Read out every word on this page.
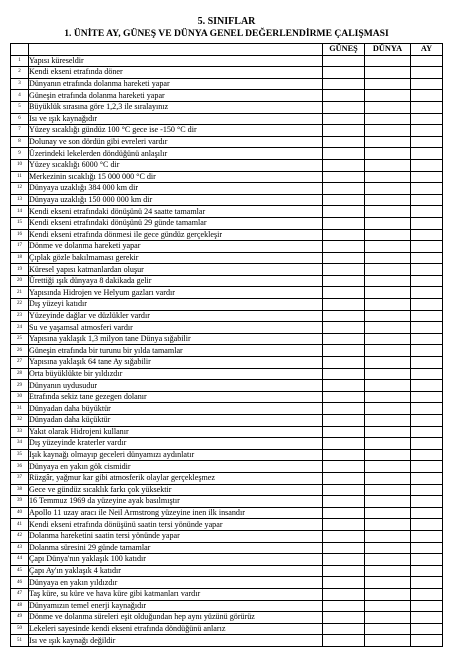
5. SINIFLAR
1. ÜNİTE AY, GÜNEŞ VE DÜNYA GENEL DEĞERLENDİRME ÇALIŞMASI
		GÜNEŞ	DÜNYA	AY
1	Yapısı küreseldir			
2	Kendi ekseni etrafında döner			
3	Dünyanın etrafında dolanma hareketi yapar			
4	Güneşin etrafında dolanma hareketi yapar			
5	Büyüklük sırasına göre 1,2,3 ile sıralayınız			
6	Isı ve ışık kaynağıdır			
7	Yüzey sıcaklığı gündüz 100 °C gece ise -150 °C dir			
8	Dolunay ve son dördün gibi evreleri vardır			
9	Üzerindeki lekelerden döndüğünü anlaşılır			
10	Yüzey sıcaklığı 6000 °C dir			
11	Merkezinin sıcaklığı 15 000 000 °C dir			
12	Dünyaya uzaklığı 384 000 km dir			
13	Dünyaya uzaklığı 150 000 000 km dir			
14	Kendi ekseni etrafındaki dönüşünü 24 saatte tamamlar			
15	Kendi ekseni etrafındaki dönüşünü 29 günde tamamlar			
16	Kendi ekseni etrafında dönmesi ile gece gündüz gerçekleşir			
17	Dönme ve dolanma hareketi yapar			
18	Çıplak gözle bakılmaması gerekir			
19	Küresel yapısı katmanlardan oluşur			
20	Ürettiği ışık dünyaya 8 dakikada gelir			
21	Yapısında Hidrojen ve Helyum gazları vardır			
22	Dış yüzeyi katıdır			
23	Yüzeyinde dağlar ve düzlükler vardır			
24	Su ve yaşamsal atmosferi vardır			
25	Yapısına yaklaşık 1,3 milyon tane Dünya sığabilir			
26	Güneşin etrafında bir turunu bir yılda tamamlar			
27	Yapısına yaklaşık 64 tane Ay sığabilir			
28	Orta büyüklükte bir yıldızdır			
29	Dünyanın uydusudur			
30	Etrafında sekiz tane gezegen dolanır			
31	Dünyadan daha büyüktür			
32	Dünyadan daha küçüktür			
33	Yakıt olarak Hidrojeni kullanır			
34	Dış yüzeyinde kraterler vardır			
35	Işık kaynağı olmayıp geceleri dünyamızı aydınlatır			
36	Dünyaya en yakın gök cismidir			
37	Rüzgâr, yağmur kar gibi atmosferik olaylar gerçekleşmez			
38	Gece ve gündüz sıcaklık farkı çok yüksektir			
39	16 Temmuz 1969 da yüzeyine ayak basılmıştır			
40	Apollo 11 uzay aracı ile Neil Armstrong yüzeyine inen ilk insandır			
41	Kendi ekseni etrafında dönüşünü saatin tersi yönünde yapar			
42	Dolanma hareketini saatin tersi yönünde yapar			
43	Dolanma süresini 29 günde tamamlar			
44	Çapı Dünya'nın yaklaşık 100 katıdır			
45	Çapı Ay'ın yaklaşık 4 katıdır			
46	Dünyaya en yakın yıldızdır			
47	Taş küre, su küre ve hava küre gibi katmanları vardır			
48	Dünyamızın temel enerji kaynağıdır			
49	Dönme ve dolanma süreleri eşit olduğundan hep aynı yüzünü görürüz			
50	Lekeleri sayesinde kendi ekseni etrafında döndüğünü anlarız			
51	Isı ve ışık kaynağı değildir			
